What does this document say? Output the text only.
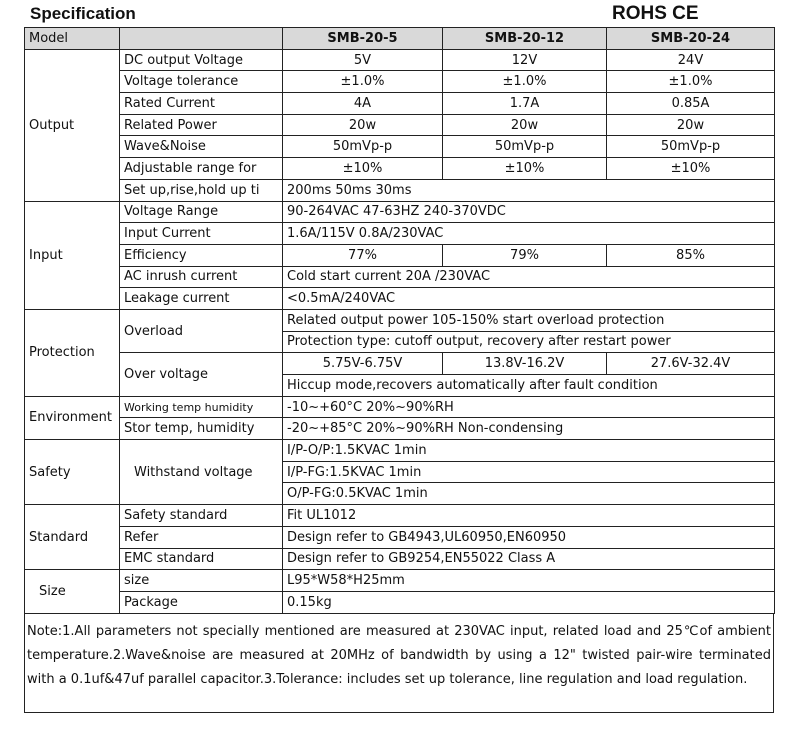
Specification	ROHS CE
Model		SMB-20-5	SMB-20-12	SMB-20-24
Output	DC output Voltage	5V	12V	24V
	Voltage tolerance	±1.0%	±1.0%	±1.0%
	Rated Current	4A	1.7A	0.85A
	Related Power	20w	20w	20w
	Wave&Noise	50mVp-p	50mVp-p	50mVp-p
	Adjustable range for	±10%	±10%	±10%
	Set up,rise,hold up ti	200ms 50ms 30ms		
Input	Voltage Range	90-264VAC 47-63HZ 240-370VDC		
	Input Current	1.6A/115V 0.8A/230VAC		
	Efficiency	77%	79%	85%
	AC inrush current	Cold start current 20A /230VAC		
	Leakage current	<0.5mA/240VAC		
Protection	Overload	Related output power 105-150% start overload protection		
		Protection type: cutoff output, recovery after restart power		
	Over voltage	5.75V-6.75V	13.8V-16.2V	27.6V-32.4V
		Hiccup mode,recovers automatically after fault condition		
Environment	Working temp humidity	-10~+60°C 20%~90%RH		
	Stor temp, humidity	-20~+85°C 20%~90%RH Non-condensing		
Safety	Withstand voltage	I/P-O/P:1.5KVAC 1min		
		I/P-FG:1.5KVAC 1min		
		O/P-FG:0.5KVAC 1min		
Standard	Safety standard	Fit UL1012		
	Refer	Design refer to GB4943,UL60950,EN60950		
	EMC standard	Design refer to GB9254,EN55022 Class A		
Size	size	L95*W58*H25mm		
	Package	0.15kg		
Note:1.All parameters not specially mentioned are measured at 230VAC input, related load and 25℃of ambient temperature.2.Wave&noise are measured at 20MHz of bandwidth by using a 12" twisted pair-wire terminated with a 0.1uf&47uf parallel capacitor.3.Tolerance: includes set up tolerance, line regulation and load regulation.
